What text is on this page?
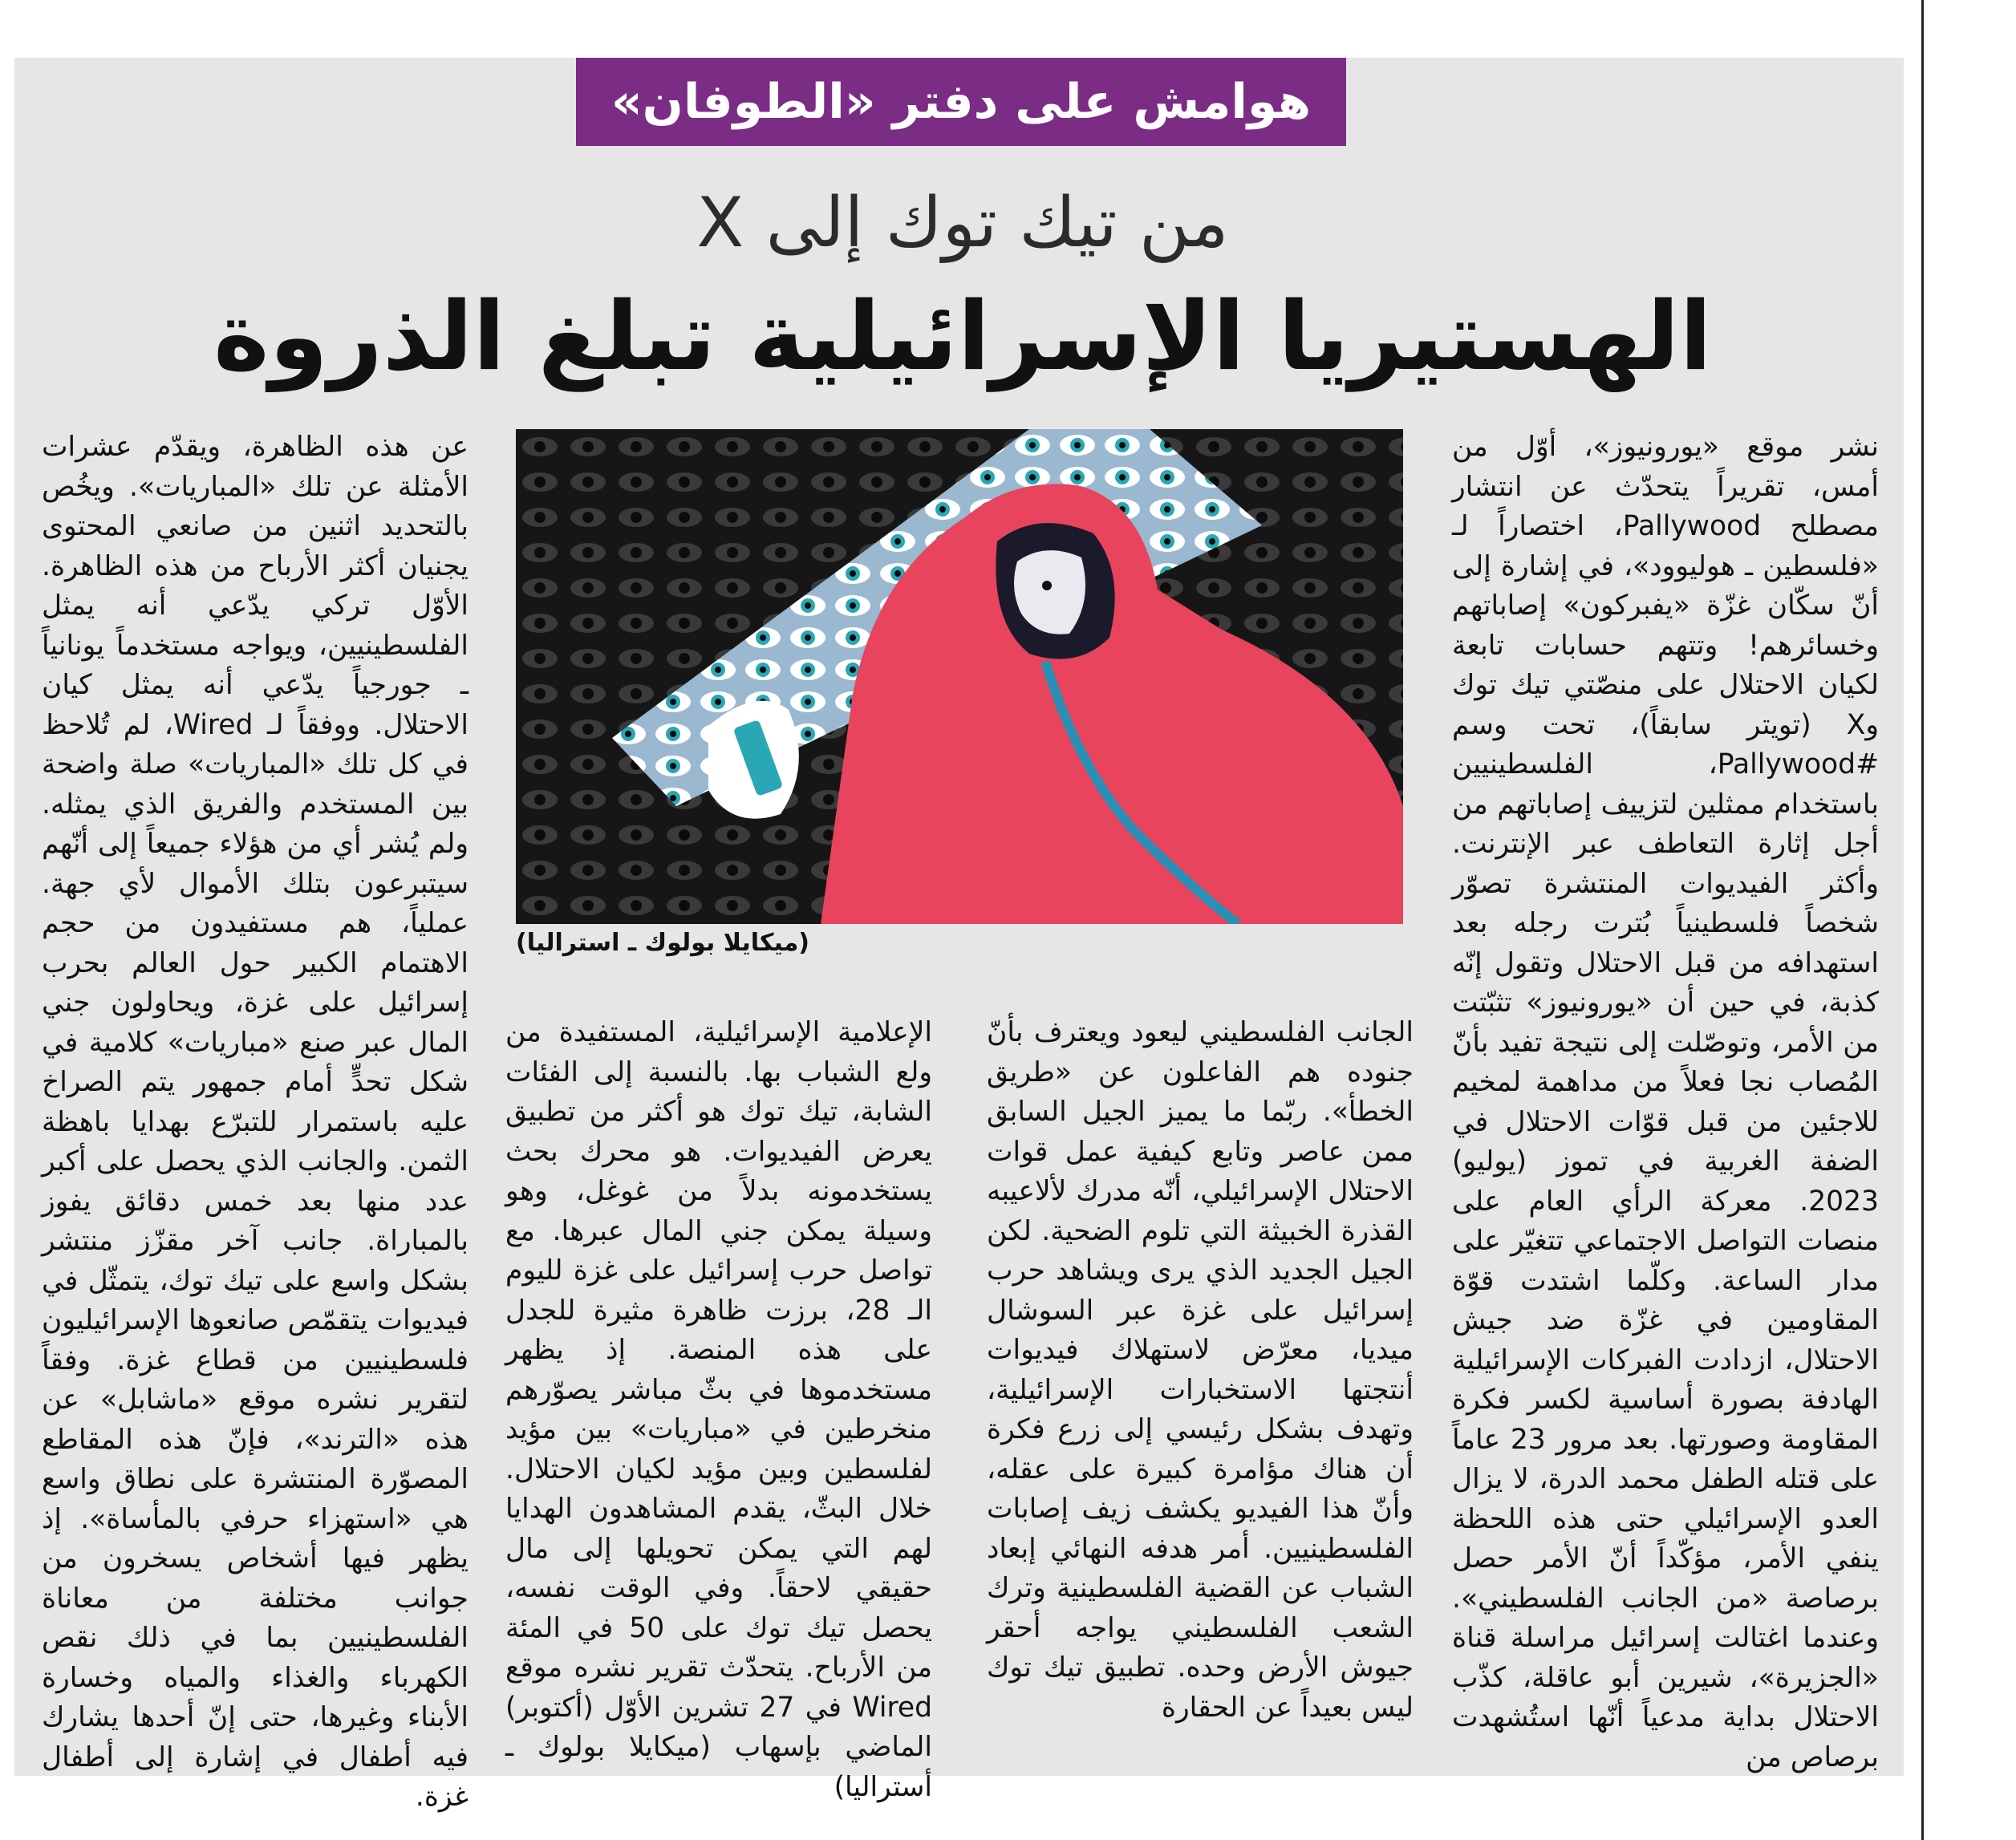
هوامش على دفتر «الطوفان»
من تيك توك إلى X
الهستيريا الإسرائيلية تبلغ الذروة
نشر موقع «يورونيوز»، أوّل من أمس، تقريراً يتحدّث عن انتشار مصطلح Pallywood، اختصاراً لـ «فلسطين ـ هوليوود»، في إشارة إلى أنّ سكّان غزّة «يفبركون» إصاباتهم وخسائرهم! وتتهم حسابات تابعة لكيان الاحتلال على منصّتي تيك توك وX (تويتر سابقاً)، تحت وسم #Pallywood، الفلسطينيين باستخدام ممثلين لتزييف إصاباتهم من أجل إثارة التعاطف عبر الإنترنت. وأكثر الفيديوات المنتشرة تصوّر شخصاً فلسطينياً بُترت رجله بعد استهدافه من قبل الاحتلال وتقول إنّه كذبة، في حين أن «يورونيوز» تثبّتت من الأمر، وتوصّلت إلى نتيجة تفيد بأنّ المُصاب نجا فعلاً من مداهمة لمخيم للاجئين من قبل قوّات الاحتلال في الضفة الغربية في تموز (يوليو) 2023. معركة الرأي العام على منصات التواصل الاجتماعي تتغيّر على مدار الساعة. وكلّما اشتدت قوّة المقاومين في غزّة ضد جيش الاحتلال، ازدادت الفبركات الإسرائيلية الهادفة بصورة أساسية لكسر فكرة المقاومة وصورتها. بعد مرور 23 عاماً على قتله الطفل محمد الدرة، لا يزال العدو الإسرائيلي حتى هذه اللحظة ينفي الأمر، مؤكّداً أنّ الأمر حصل برصاصة «من الجانب الفلسطيني». وعندما اغتالت إسرائيل مراسلة قناة «الجزيرة»، شيرين أبو عاقلة، كذّب الاحتلال بداية مدعياً أنّها استُشهدت برصاص من
الجانب الفلسطيني ليعود ويعترف بأنّ جنوده هم الفاعلون عن «طريق الخطأ». ربّما ما يميز الجيل السابق ممن عاصر وتابع كيفية عمل قوات الاحتلال الإسرائيلي، أنّه مدرك لألاعيبه القذرة الخبيثة التي تلوم الضحية. لكن الجيل الجديد الذي يرى ويشاهد حرب إسرائيل على غزة عبر السوشال ميديا، معرّض لاستهلاك فيديوات أنتجتها الاستخبارات الإسرائيلية، وتهدف بشكل رئيسي إلى زرع فكرة أن هناك مؤامرة كبيرة على عقله، وأنّ هذا الفيديو يكشف زيف إصابات الفلسطينيين. أمر هدفه النهائي إبعاد الشباب عن القضية الفلسطينية وترك الشعب الفلسطيني يواجه أحقر جيوش الأرض وحده. تطبيق تيك توك ليس بعيداً عن الحقارة
الإعلامية الإسرائيلية، المستفيدة من ولع الشباب بها. بالنسبة إلى الفئات الشابة، تيك توك هو أكثر من تطبيق يعرض الفيديوات. هو محرك بحث يستخدمونه بدلاً من غوغل، وهو وسيلة يمكن جني المال عبرها. مع تواصل حرب إسرائيل على غزة لليوم الـ 28، برزت ظاهرة مثيرة للجدل على هذه المنصة. إذ يظهر مستخدموها في بثّ مباشر يصوّرهم منخرطين في «مباريات» بين مؤيد لفلسطين وبين مؤيد لكيان الاحتلال. خلال البثّ، يقدم المشاهدون الهدايا لهم التي يمكن تحويلها إلى مال حقيقي لاحقاً. وفي الوقت نفسه، يحصل تيك توك على 50 في المئة من الأرباح. يتحدّث تقرير نشره موقع Wired في 27 تشرين الأوّل (أكتوبر) الماضي بإسهاب (ميكايلا بولوك ـ أستراليا)
عن هذه الظاهرة، ويقدّم عشرات الأمثلة عن تلك «المباريات». ويخُص بالتحديد اثنين من صانعي المحتوى يجنيان أكثر الأرباح من هذه الظاهرة. الأوّل تركي يدّعي أنه يمثل الفلسطينيين، ويواجه مستخدماً يونانياً ـ جورجياً يدّعي أنه يمثل كيان الاحتلال. ووفقاً لـ Wired، لم تُلاحظ في كل تلك «المباريات» صلة واضحة بين المستخدم والفريق الذي يمثله. ولم يُشر أي من هؤلاء جميعاً إلى أنّهم سيتبرعون بتلك الأموال لأي جهة. عملياً، هم مستفيدون من حجم الاهتمام الكبير حول العالم بحرب إسرائيل على غزة، ويحاولون جني المال عبر صنع «مباريات» كلامية في شكل تحدٍّ أمام جمهور يتم الصراخ عليه باستمرار للتبرّع بهدايا باهظة الثمن. والجانب الذي يحصل على أكبر عدد منها بعد خمس دقائق يفوز بالمباراة. جانب آخر مقزّز منتشر بشكل واسع على تيك توك، يتمثّل في فيديوات يتقمّص صانعوها الإسرائيليون فلسطينيين من قطاع غزة. وفقاً لتقرير نشره موقع «ماشابل» عن هذه «الترند»، فإنّ هذه المقاطع المصوّرة المنتشرة على نطاق واسع هي «استهزاء حرفي بالمأساة». إذ يظهر فيها أشخاص يسخرون من جوانب مختلفة من معاناة الفلسطينيين بما في ذلك نقص الكهرباء والغذاء والمياه وخسارة الأبناء وغيرها، حتى إنّ أحدها يشارك فيه أطفال في إشارة إلى أطفال غزة.
(ميكايلا بولوك ـ استراليا)
